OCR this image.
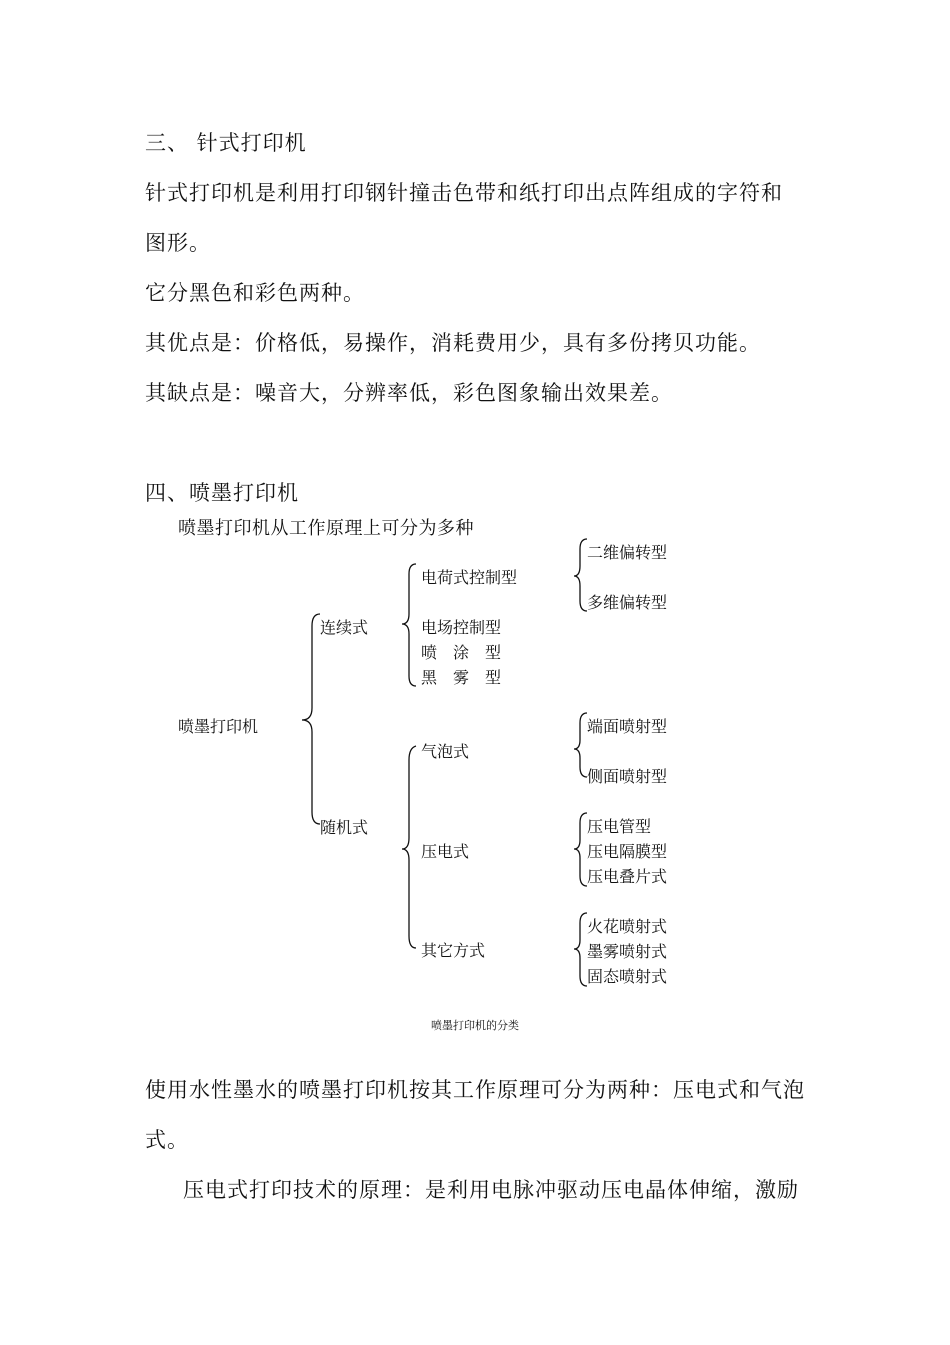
三、 针式打印机
针式打印机是利用打印钢针撞击色带和纸打印出点阵组成的字符和
图形。
它分黑色和彩色两种。
其优点是：价格低，易操作，消耗费用少，具有多份拷贝功能。
其缺点是：噪音大，分辨率低，彩色图象输出效果差。
四、喷墨打印机
喷墨打印机从工作原理上可分为多种
喷墨打印机
连续式
随机式
电荷式控制型
二维偏转型
多维偏转型
电场控制型
喷　涂　型
黑　雾　型
气泡式
端面喷射型
侧面喷射型
压电式
压电管型
压电隔膜型
压电叠片式
其它方式
火花喷射式
墨雾喷射式
固态喷射式
喷墨打印机的分类
使用水性墨水的喷墨打印机按其工作原理可分为两种：压电式和气泡
式。
压电式打印技术的原理：是利用电脉冲驱动压电晶体伸缩，激励
